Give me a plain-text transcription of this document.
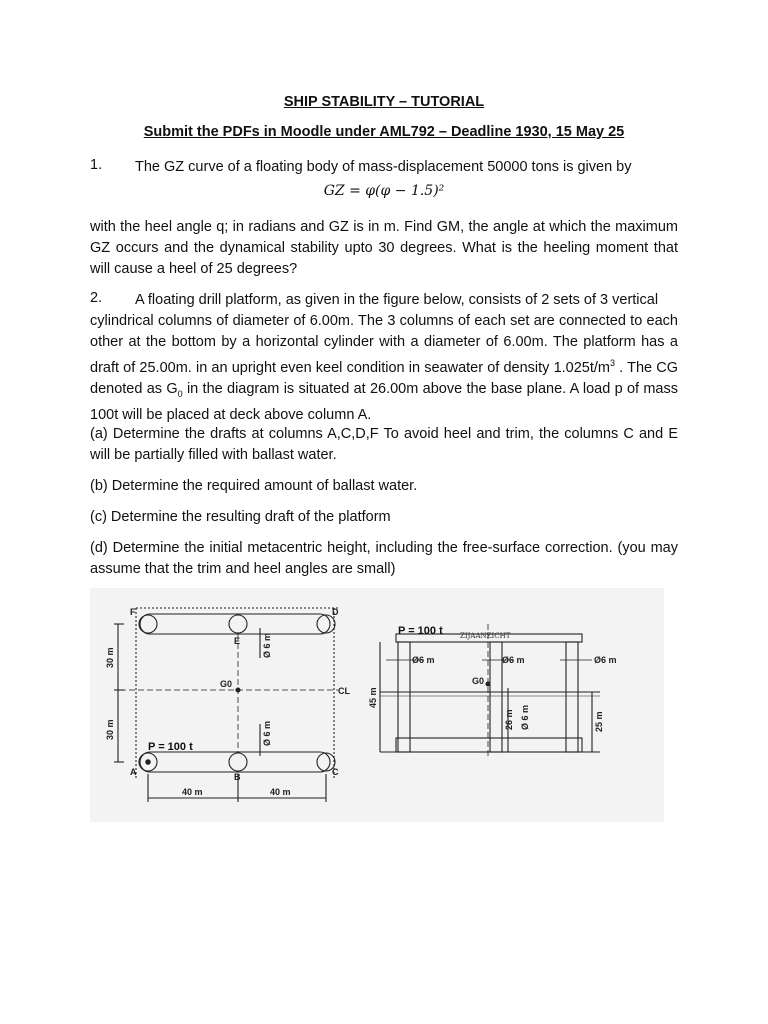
SHIP STABILITY – TUTORIAL
Submit the PDFs in Moodle under AML792 – Deadline 1930, 15 May 25
1. The GZ curve of a floating body of mass-displacement 50000 tons is given by
GZ = φ(φ − 1.5)²
with the heel angle q; in radians and GZ is in m. Find GM, the angle at which the maximum GZ occurs and the dynamical stability upto 30 degrees. What is the heeling moment that will cause a heel of 25 degrees?
2. A floating drill platform, as given in the figure below, consists of 2 sets of 3 vertical
cylindrical columns of diameter of 6.00m. The 3 columns of each set are connected to each other at the bottom by a horizontal cylinder with a diameter of 6.00m. The platform has a draft of 25.00m. in an upright even keel condition in seawater of density $1.025t/m^3$ . The CG denoted as $G_0$ in the diagram is situated at 26.00m above the base plane. A load p of mass 100t will be placed at deck above column A.
(a) Determine the drafts at columns A,C,D,F To avoid heel and trim, the columns C and E will be partially filled with ballast water.
(b) Determine the required amount of ballast water.
(c) Determine the resulting draft of the platform
(d) Determine the initial metacentric height, including the free-surface correction. (you may assume that the trim and heel angles are small)
F
E
D
A	B	C
G0
CL
30 m
30 m
Ø 6 m
Ø 6 m
40 m	40 m
P = 100 t
P = 100 t ZIJAANZICHT
Ø6 m	Ø6 m	Ø6 m
G0
45 m
26 m Ø 6 m	25 m
